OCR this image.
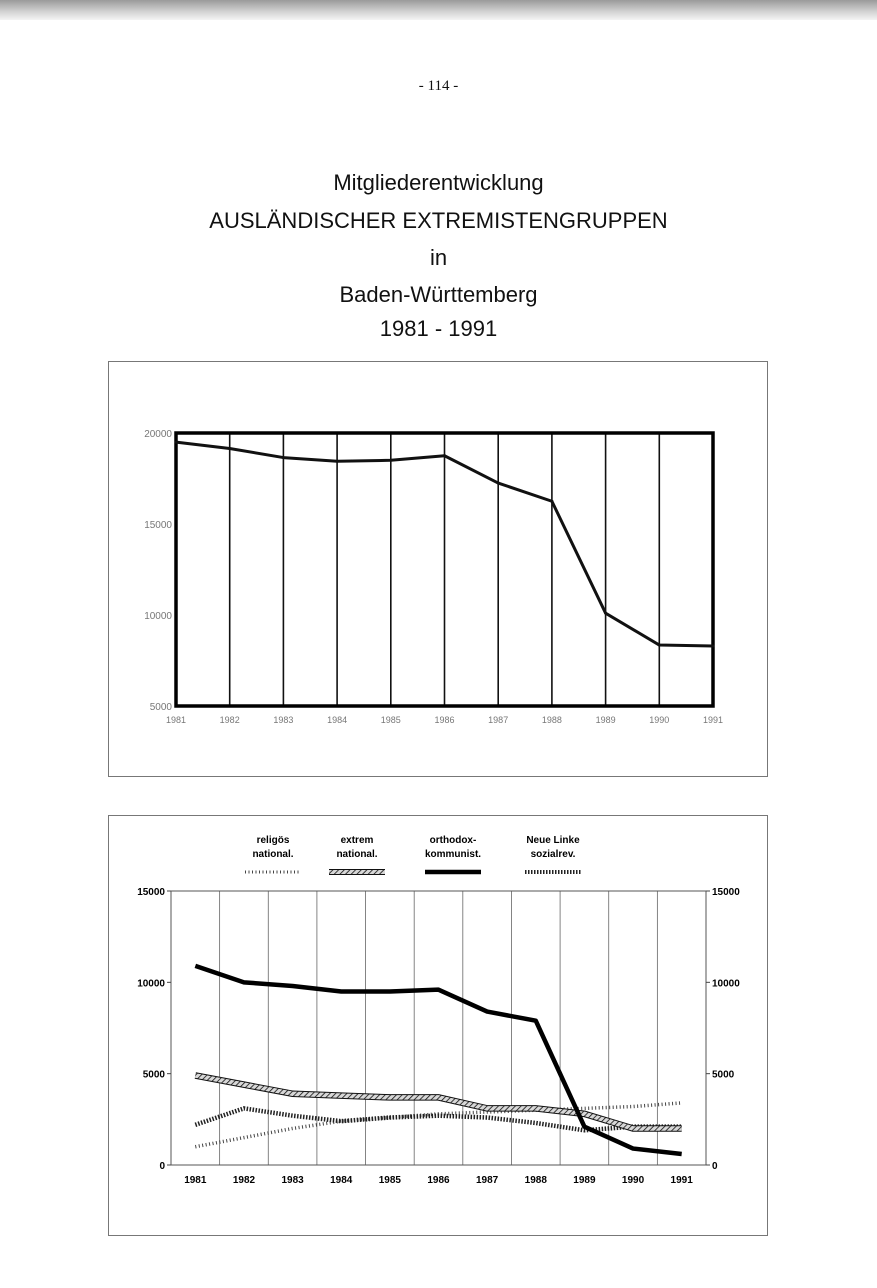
- 114 -
Mitgliederentwicklung
AUSLÄNDISCHER EXTREMISTENGRUPPEN
in
Baden-Württemberg
1981 - 1991
20000
15000
10000
5000
1981	1982	1983	1984	1985	1986	1987	1988	1989	1990	1991
15000	15000
10000	10000
5000	5000
0	0
1981	1982	1983	1984	1985	1986	1987	1988	1989	1990	1991
religös
national.
extrem
national.
orthodox-
kommunist.
Neue Linke
sozialrev.
